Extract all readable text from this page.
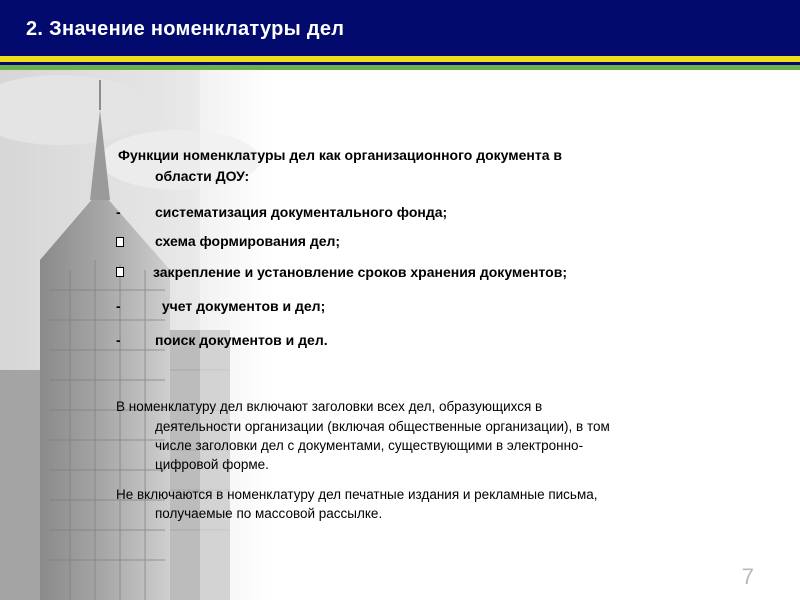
2. Значение номенклатуры дел

Функции номенклатуры дел как организационного документа в

области ДОУ:

- систематизация документального фонда;

схема формирования дел;

закрепление и установление сроков хранения документов;

-	учет документов и дел;

- поиск документов и дел.

В номенклатуру дел включают заголовки всех дел, образующихся в

деятельности организации (включая общественные организации), в том

числе заголовки дел с документами, существующими в электронно-

цифровой форме.

Не включаются в номенклатуру дел печатные издания и рекламные письма,

получаемые по массовой рассылке.

7
